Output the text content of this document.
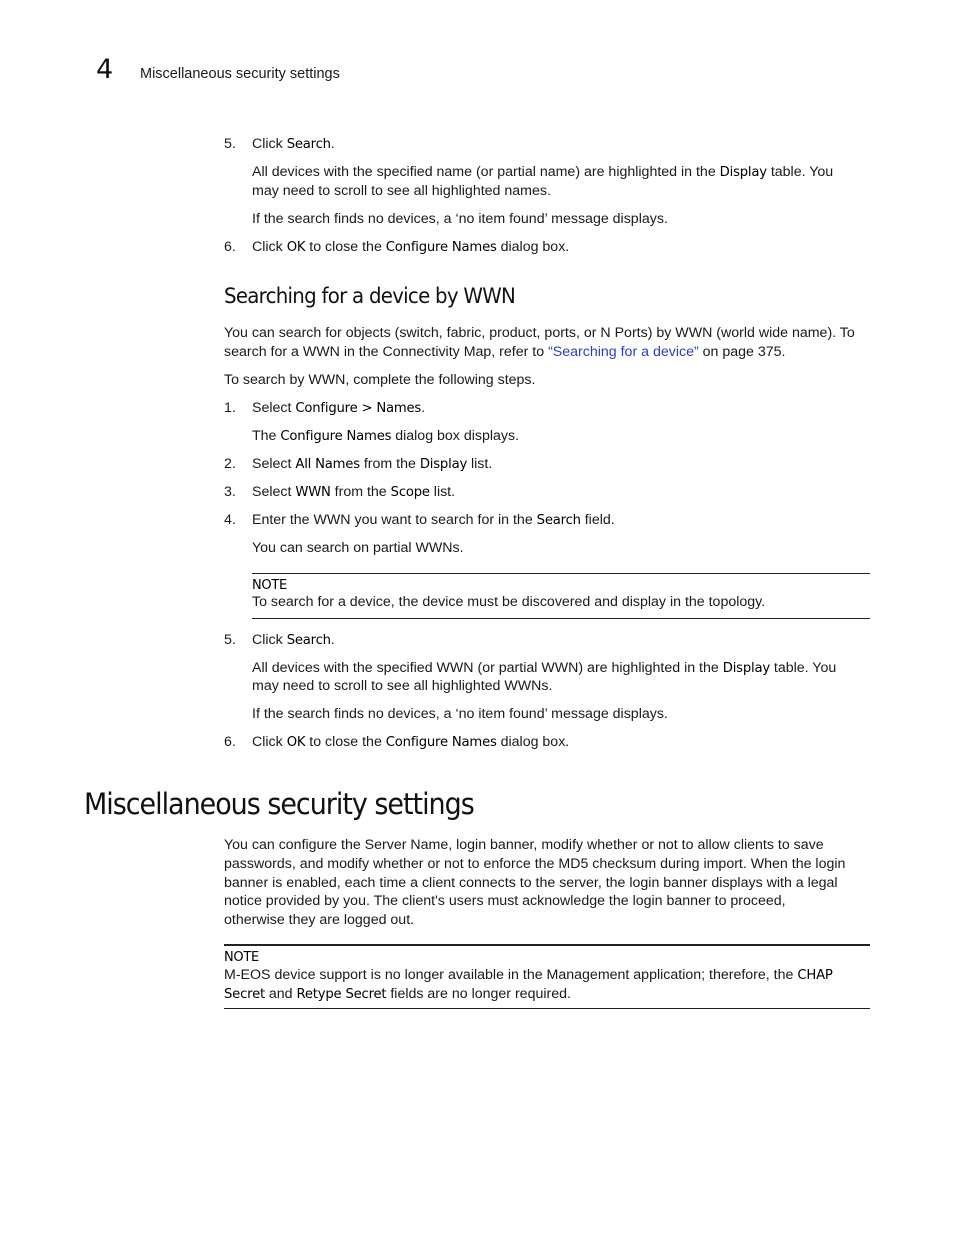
4 Miscellaneous security settings
5. Click Search.
All devices with the specified name (or partial name) are highlighted in the Display table. You
may need to scroll to see all highlighted names.
If the search finds no devices, a ‘no item found’ message displays.
6. Click OK to close the Configure Names dialog box.
Searching for a device by WWN
You can search for objects (switch, fabric, product, ports, or N Ports) by WWN (world wide name). To
search for a WWN in the Connectivity Map, refer to “Searching for a device” on page 375.
To search by WWN, complete the following steps.
1. Select Configure > Names.
The Configure Names dialog box displays.
2. Select All Names from the Display list.
3. Select WWN from the Scope list.
4. Enter the WWN you want to search for in the Search field.
You can search on partial WWNs.
NOTE
To search for a device, the device must be discovered and display in the topology.
5. Click Search.
All devices with the specified WWN (or partial WWN) are highlighted in the Display table. You
may need to scroll to see all highlighted WWNs.
If the search finds no devices, a ‘no item found’ message displays.
6. Click OK to close the Configure Names dialog box.
Miscellaneous security settings
You can configure the Server Name, login banner, modify whether or not to allow clients to save
passwords, and modify whether or not to enforce the MD5 checksum during import. When the login
banner is enabled, each time a client connects to the server, the login banner displays with a legal
notice provided by you. The client's users must acknowledge the login banner to proceed,
otherwise they are logged out.
NOTE
M-EOS device support is no longer available in the Management application; therefore, the CHAP
Secret and Retype Secret fields are no longer required.
